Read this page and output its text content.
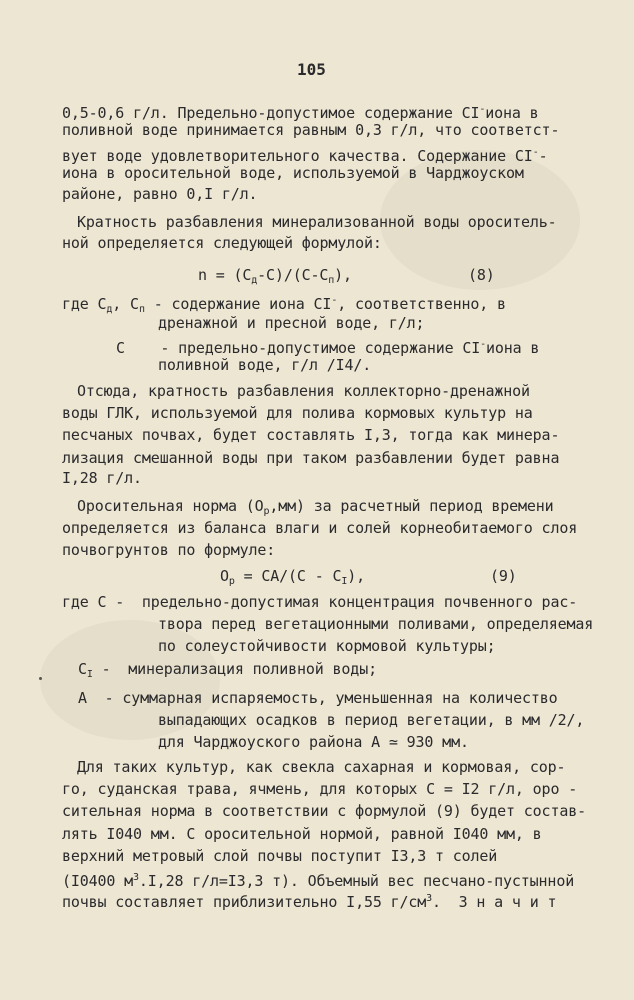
105
0,5-0,6 г/л. Предельно-допустимое содержание CI-иона в
поливной воде принимается равным 0,3 г/л, что соответст-
вует воде удовлетворительного качества. Содержание CI--
иона в оросительной воде, используемой в Чарджоуском
районе, равно 0,I г/л.
Кратность разбавления минерализованной воды ороситель-
ной определяется следующей формулой:
$n = (C_д-C)/(C-C_п)$,	(8)
где $C_д$, $C_п$ - содержание иона CI-, соответственно, в
дренажной и пресной воде, г/л;
C    - предельно-допустимое содержание CI-иона в
поливной воде, г/л /I4/.
Отсюда, кратность разбавления коллекторно-дренажной
воды ГЛК, используемой для полива кормовых культур на
песчаных почвах, будет составлять I,3, тогда как минера-
лизация смешанной воды при таком разбавлении будет равна
I,28 г/л.
Оросительная норма $(O_р,мм)$ за расчетный период времени
определяется из баланса влаги и солей корнеобитаемого слоя
почвогрунтов по формуле:
$O_р = CA/(C - C_I)$,	(9)
где C -  предельно-допустимая концентрация почвенного рас-
твора перед вегетационными поливами, определяемая
по солеустойчивости кормовой культуры;
$C_I$ -  минерализация поливной воды;
A  - суммарная испаряемость, уменьшенная на количество
выпадающих осадков в период вегетации, в мм /2/,
для Чарджоуского района A ≃ 930 мм.
Для таких культур, как свекла сахарная и кормовая, сор-
го, суданская трава, ячмень, для которых C = I2 г/л, оро -
сительная норма в соответствии с формулой (9) будет состав-
лять I040 мм. С оросительной нормой, равной I040 мм, в
верхний метровый слой почвы поступит I3,3 т солей
(I0400 $м^3.I,28$ г/л=I3,3 т). Объемный вес песчано-пустынной
почвы составляет приблизительно I,55 $г/см^3$.  З н а ч и т
